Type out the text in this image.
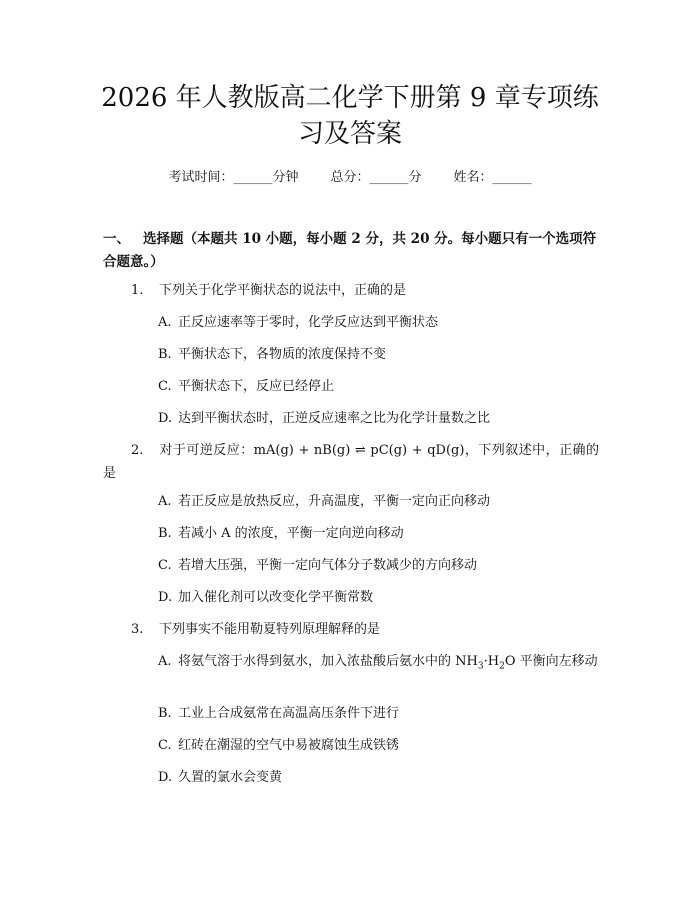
2026 年人教版高二化学下册第 9 章专项练习及答案
考试时间：______分钟 总分：______分 姓名：______
一、 选择题（本题共 10 小题，每小题 2 分，共 20 分。每小题只有一个选项符合题意。）
1. 下列关于化学平衡状态的说法中，正确的是
A. 正反应速率等于零时，化学反应达到平衡状态
B. 平衡状态下，各物质的浓度保持不变
C. 平衡状态下，反应已经停止
D. 达到平衡状态时，正逆反应速率之比为化学计量数之比
2. 对于可逆反应：mA(g) + nB(g) ⇌ pC(g) + qD(g)，下列叙述中，正确的是
A. 若正反应是放热反应，升高温度，平衡一定向正向移动
B. 若减小 A 的浓度，平衡一定向逆向移动
C. 若增大压强，平衡一定向气体分子数减少的方向移动
D. 加入催化剂可以改变化学平衡常数
3. 下列事实不能用勒夏特列原理解释的是
A. 将氨气溶于水得到氨水，加入浓盐酸后氨水中的 $NH_3\cdot H_2O$ 平衡向左移动
B. 工业上合成氨常在高温高压条件下进行
C. 红砖在潮湿的空气中易被腐蚀生成铁锈
D. 久置的氯水会变黄
